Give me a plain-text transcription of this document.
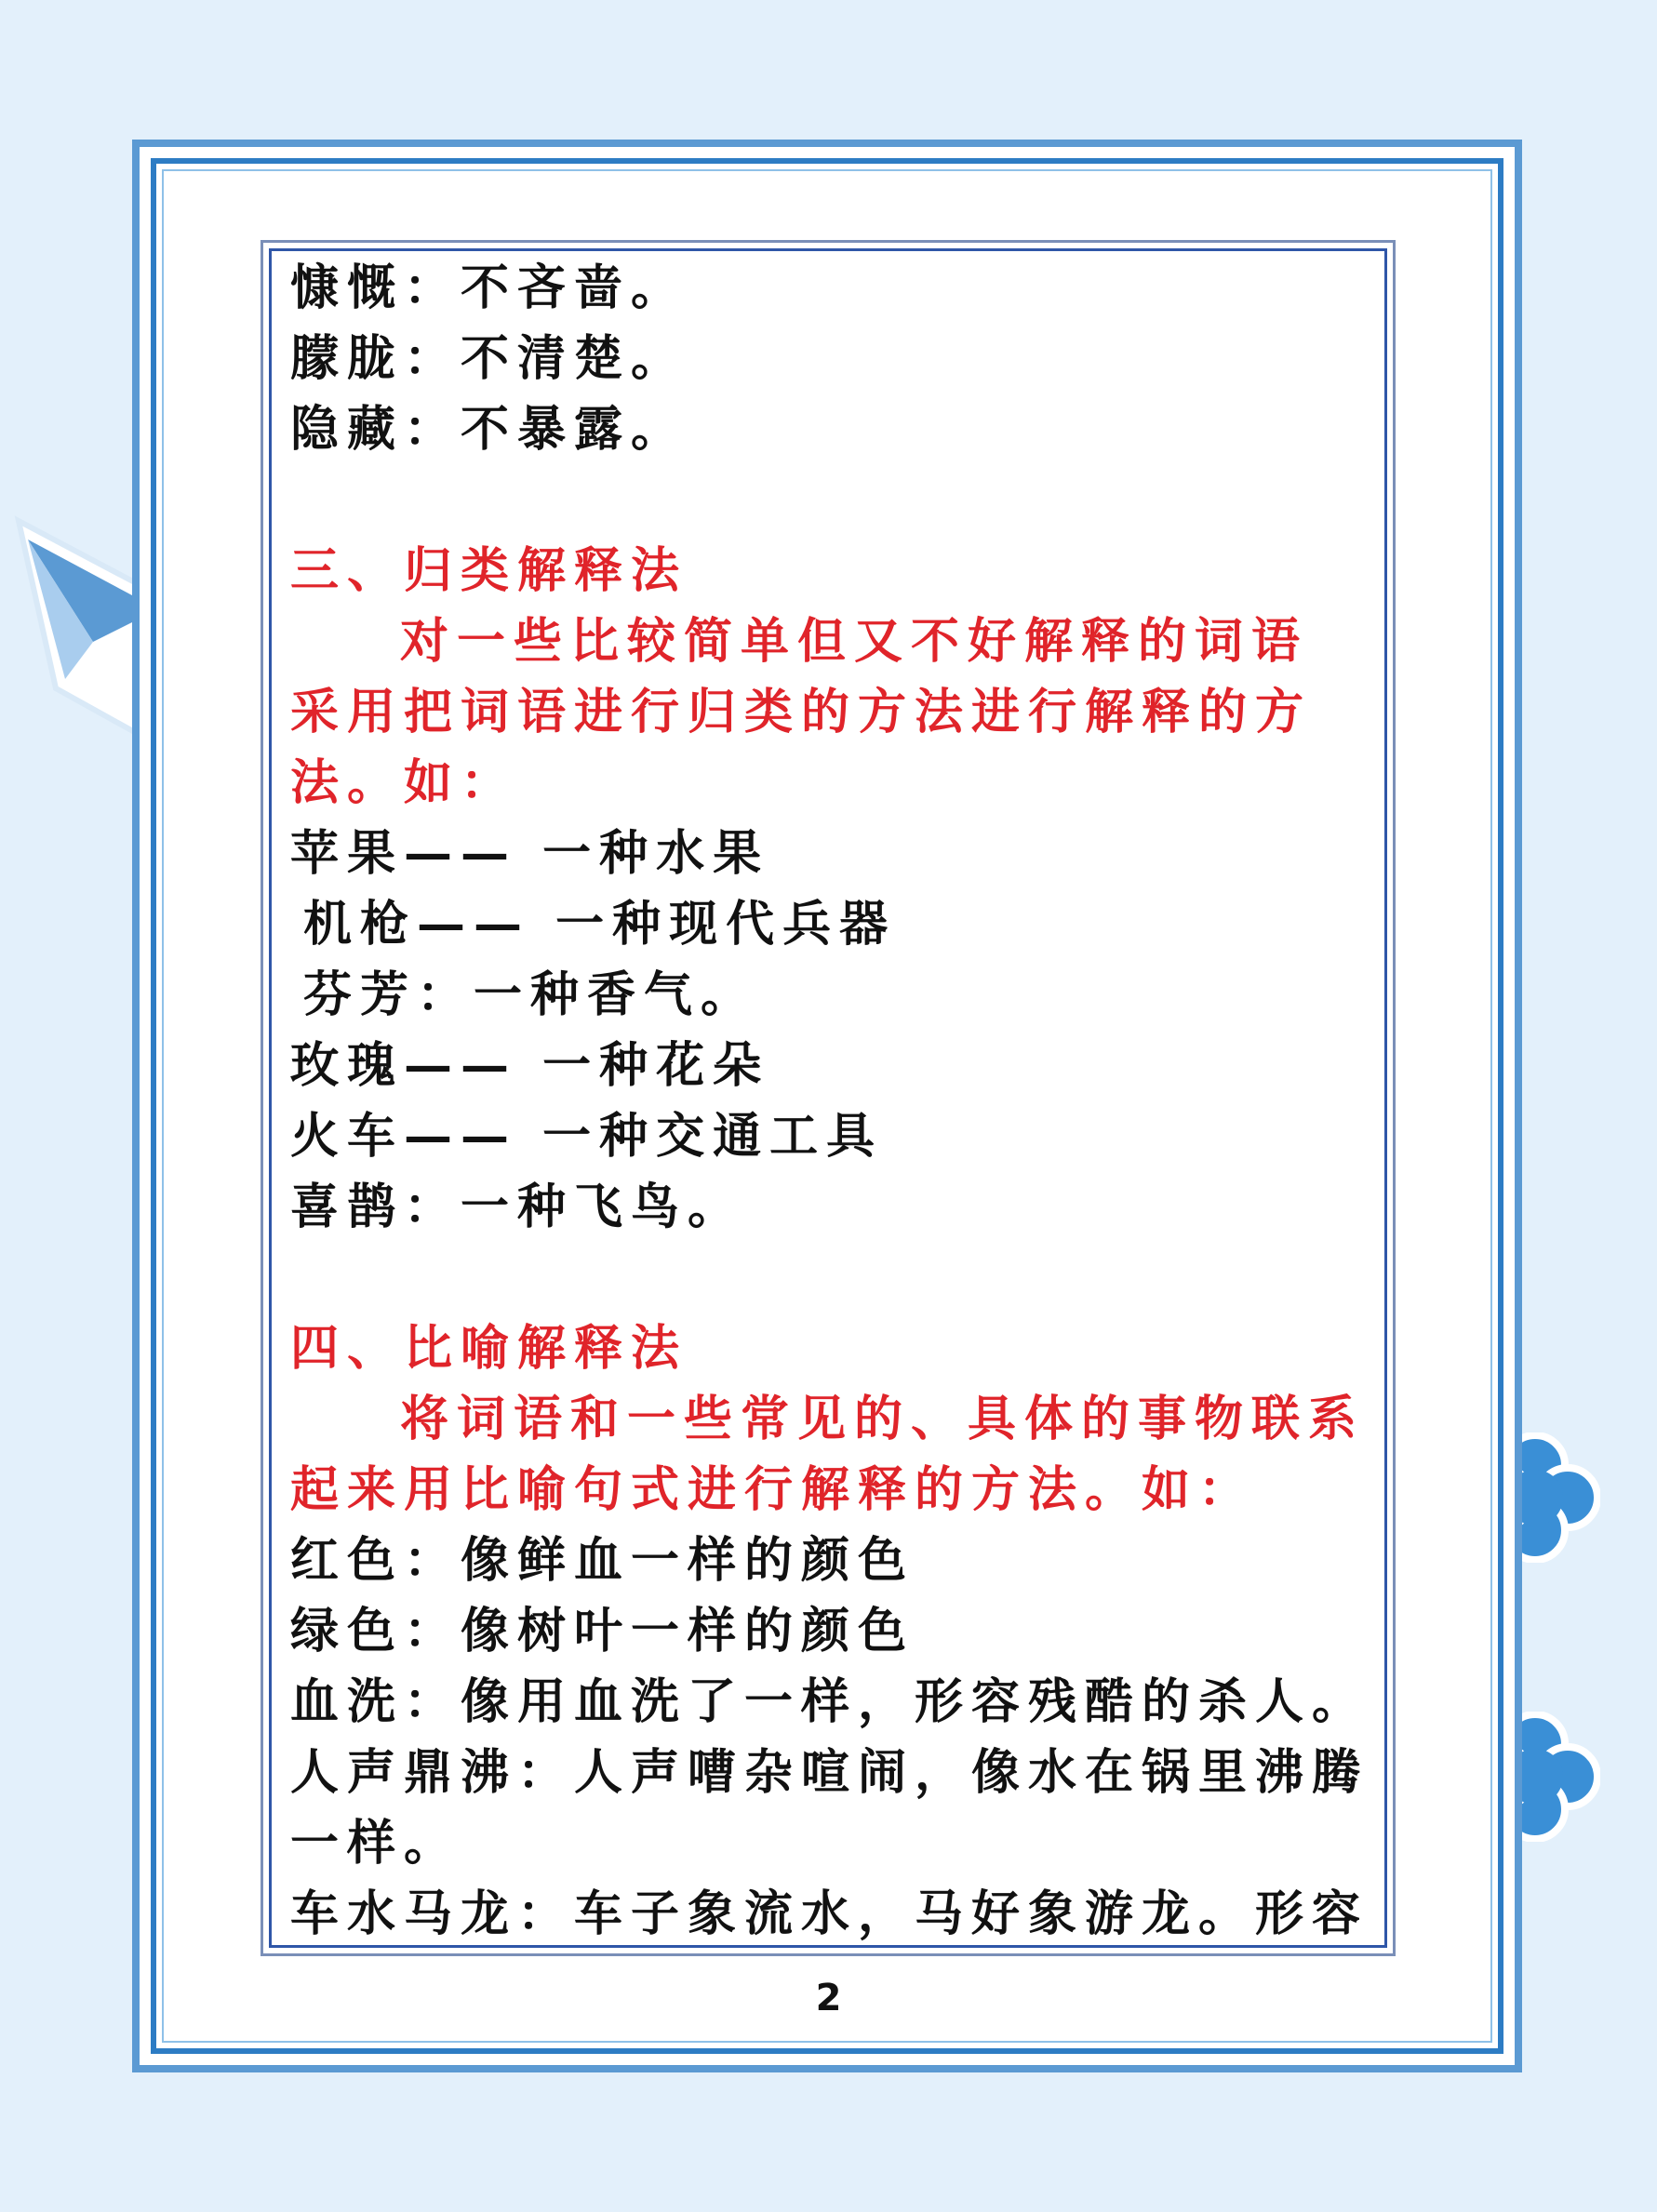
慷慨：不吝啬。
朦胧：不清楚。
隐藏：不暴露。
三、归类解释法
对一些比较简单但又不好解释的词语
采用把词语进行归类的方法进行解释的方
法。如：
苹果—— 一种水果
机枪—— 一种现代兵器
芬芳：一种香气。
玫瑰—— 一种花朵
火车—— 一种交通工具
喜鹊：一种飞鸟。
四、比喻解释法
将词语和一些常见的、具体的事物联系
起来用比喻句式进行解释的方法。如：
红色：像鲜血一样的颜色
绿色：像树叶一样的颜色
血洗：像用血洗了一样，形容残酷的杀人。
人声鼎沸：人声嘈杂喧闹，像水在锅里沸腾
一样。
车水马龙：车子象流水，马好象游龙。形容
2
